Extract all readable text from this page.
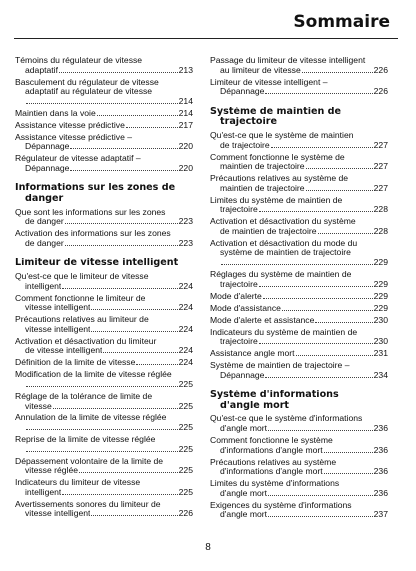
Sommaire
Témoins du régulateur de vitesse
adaptatif	213
Basculement du régulateur de vitesse
adaptatif au régulateur de vitesse
214
Maintien dans la voie	214
Assistance vitesse prédictive	217
Assistance vitesse prédictive –
Dépannage	220
Régulateur de vitesse adaptatif –
Dépannage	220
Informations sur les zones de
danger
Que sont les informations sur les zones
de danger	223
Activation des informations sur les zones
de danger	223
Limiteur de vitesse intelligent
Qu'est-ce que le limiteur de vitesse
intelligent	224
Comment fonctionne le limiteur de
vitesse intelligent	224
Précautions relatives au limiteur de
vitesse intelligent	224
Activation et désactivation du limiteur
de vitesse intelligent	224
Définition de la limite de vitesse	224
Modification de la limite de vitesse réglée
225
Réglage de la tolérance de limite de
vitesse	225
Annulation de la limite de vitesse réglée
225
Reprise de la limite de vitesse réglée
225
Dépassement volontaire de la limite de
vitesse réglée	225
Indicateurs du limiteur de vitesse
intelligent	225
Avertissements sonores du limiteur de
vitesse intelligent	226
Passage du limiteur de vitesse intelligent
au limiteur de vitesse	226
Limiteur de vitesse intelligent –
Dépannage	226
Système de maintien de
trajectoire
Qu'est-ce que le système de maintien
de trajectoire	227
Comment fonctionne le système de
maintien de trajectoire	227
Précautions relatives au système de
maintien de trajectoire	227
Limites du système de maintien de
trajectoire	228
Activation et désactivation du système
de maintien de trajectoire	228
Activation et désactivation du mode du
système de maintien de trajectoire
229
Réglages du système de maintien de
trajectoire	229
Mode d'alerte	229
Mode d'assistance	229
Mode d'alerte et assistance	230
Indicateurs du système de maintien de
trajectoire	230
Assistance angle mort	231
Système de maintien de trajectoire –
Dépannage	234
Système d'informations
d'angle mort
Qu'est-ce que le système d'informations
d'angle mort	236
Comment fonctionne le système
d'informations d'angle mort	236
Précautions relatives au système
d'informations d'angle mort	236
Limites du système d'informations
d'angle mort	236
Exigences du système d'informations
d'angle mort	237
8
